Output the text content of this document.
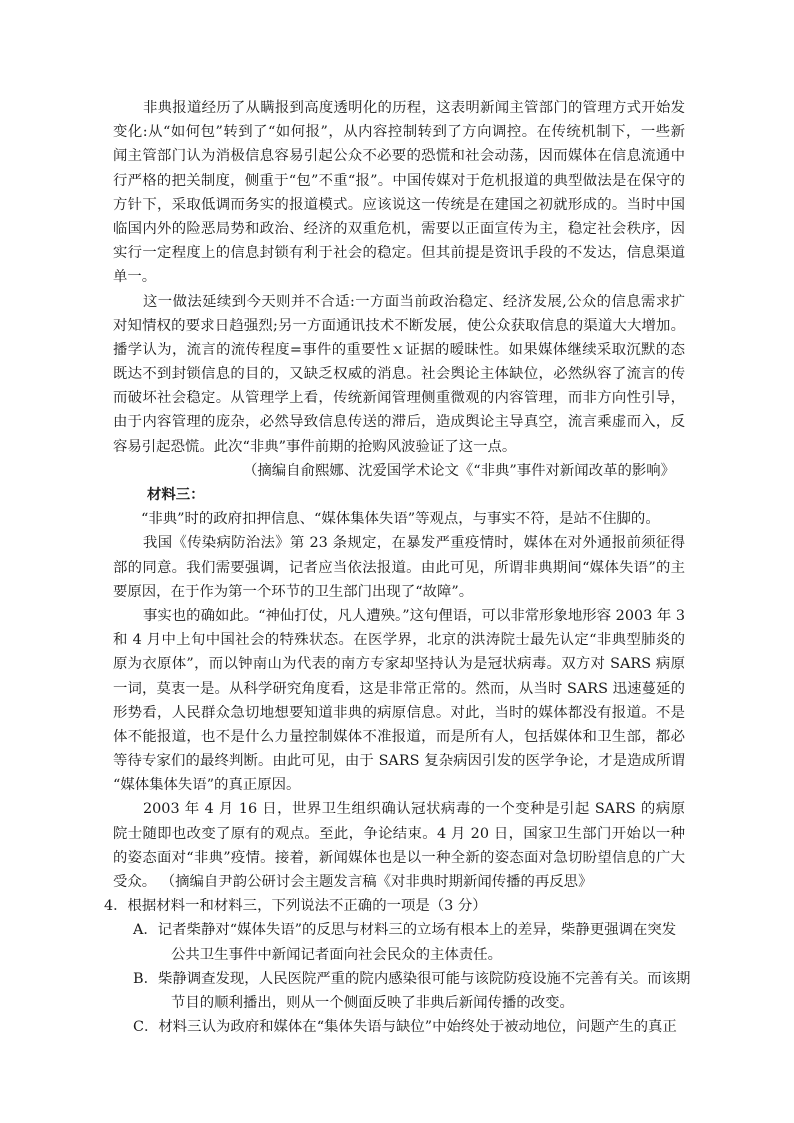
非典报道经历了从瞒报到高度透明化的历程，这表明新闻主管部门的管理方式开始发
变化:从“如何包”转到了“如何报”，从内容控制转到了方向调控。在传统机制下，一些新
闻主管部门认为消极信息容易引起公众不必要的恐慌和社会动荡，因而媒体在信息流通中
行严格的把关制度，侧重于“包”不重“报”。中国传媒对于危机报道的典型做法是在保守的
方针下，采取低调而务实的报道模式。应该说这一传统是在建国之初就形成的。当时中国
临国内外的险恶局势和政治、经济的双重危机，需要以正面宣传为主，稳定社会秩序，因
实行一定程度上的信息封锁有利于社会的稳定。但其前提是资讯手段的不发达，信息渠道
单一。
这一做法延续到今天则并不合适:一方面当前政治稳定、经济发展,公众的信息需求扩
对知情权的要求日趋强烈;另一方面通讯技术不断发展，使公众获取信息的渠道大大增加。
播学认为，流言的流传程度=事件的重要性ｘ证据的暧昧性。如果媒体继续采取沉默的态
既达不到封锁信息的目的，又缺乏权威的消息。社会舆论主体缺位，必然纵容了流言的传
而破坏社会稳定。从管理学上看，传统新闻管理侧重微观的内容管理，而非方向性引导，
由于内容管理的庞杂，必然导致信息传送的滞后，造成舆论主导真空，流言乘虚而入，反
容易引起恐慌。此次“非典”事件前期的抢购风波验证了这一点。
（摘编自俞熙娜、沈爱国学术论文《“非典”事件对新闻改革的影响》
材料三：
“非典”时的政府扣押信息、“媒体集体失语”等观点，与事实不符，是站不住脚的。
我国《传染病防治法》第 23 条规定，在暴发严重疫情时，媒体在对外通报前须征得
部的同意。我们需要强调，记者应当依法报道。由此可见，所谓非典期间“媒体失语”的主
要原因，在于作为第一个环节的卫生部门出现了“故障”。
事实也的确如此。“神仙打仗，凡人遭殃。”这句俚语，可以非常形象地形容 2003 年 3
和 4 月中上旬中国社会的特殊状态。在医学界，北京的洪涛院士最先认定“非典型肺炎的
原为衣原体”，而以钟南山为代表的南方专家却坚持认为是冠状病毒。双方对 SARS 病原
一词，莫衷一是。从科学研究角度看，这是非常正常的。然而，从当时 SARS 迅速蔓延的
形势看，人民群众急切地想要知道非典的病原信息。对此，当时的媒体都没有报道。不是
体不能报道，也不是什么力量控制媒体不准报道，而是所有人，包括媒体和卫生部，都必
等待专家们的最终判断。由此可见，由于 SARS 复杂病因引发的医学争论，才是造成所谓
“媒体集体失语”的真正原因。
2003 年 4 月 16 日，世界卫生组织确认冠状病毒的一个变种是引起 SARS 的病原
院士随即也改变了原有的观点。至此，争论结束。4 月 20 日，国家卫生部门开始以一种
的姿态面对“非典”疫情。接着，新闻媒体也是以一种全新的姿态面对急切盼望信息的广大
受众。 （摘编自尹韵公研讨会主题发言稿《对非典时期新闻传播的再反思》
4．根据材料一和材料三，下列说法不正确的一项是（3 分）
A．记者柴静对“媒体失语”的反思与材料三的立场有根本上的差异，柴静更强调在突发
公共卫生事件中新闻记者面向社会民众的主体责任。
B．柴静调查发现，人民医院严重的院内感染很可能与该院防疫设施不完善有关。而该期
节目的顺利播出，则从一个侧面反映了非典后新闻传播的改变。
C．材料三认为政府和媒体在“集体失语与缺位”中始终处于被动地位，问题产生的真正
